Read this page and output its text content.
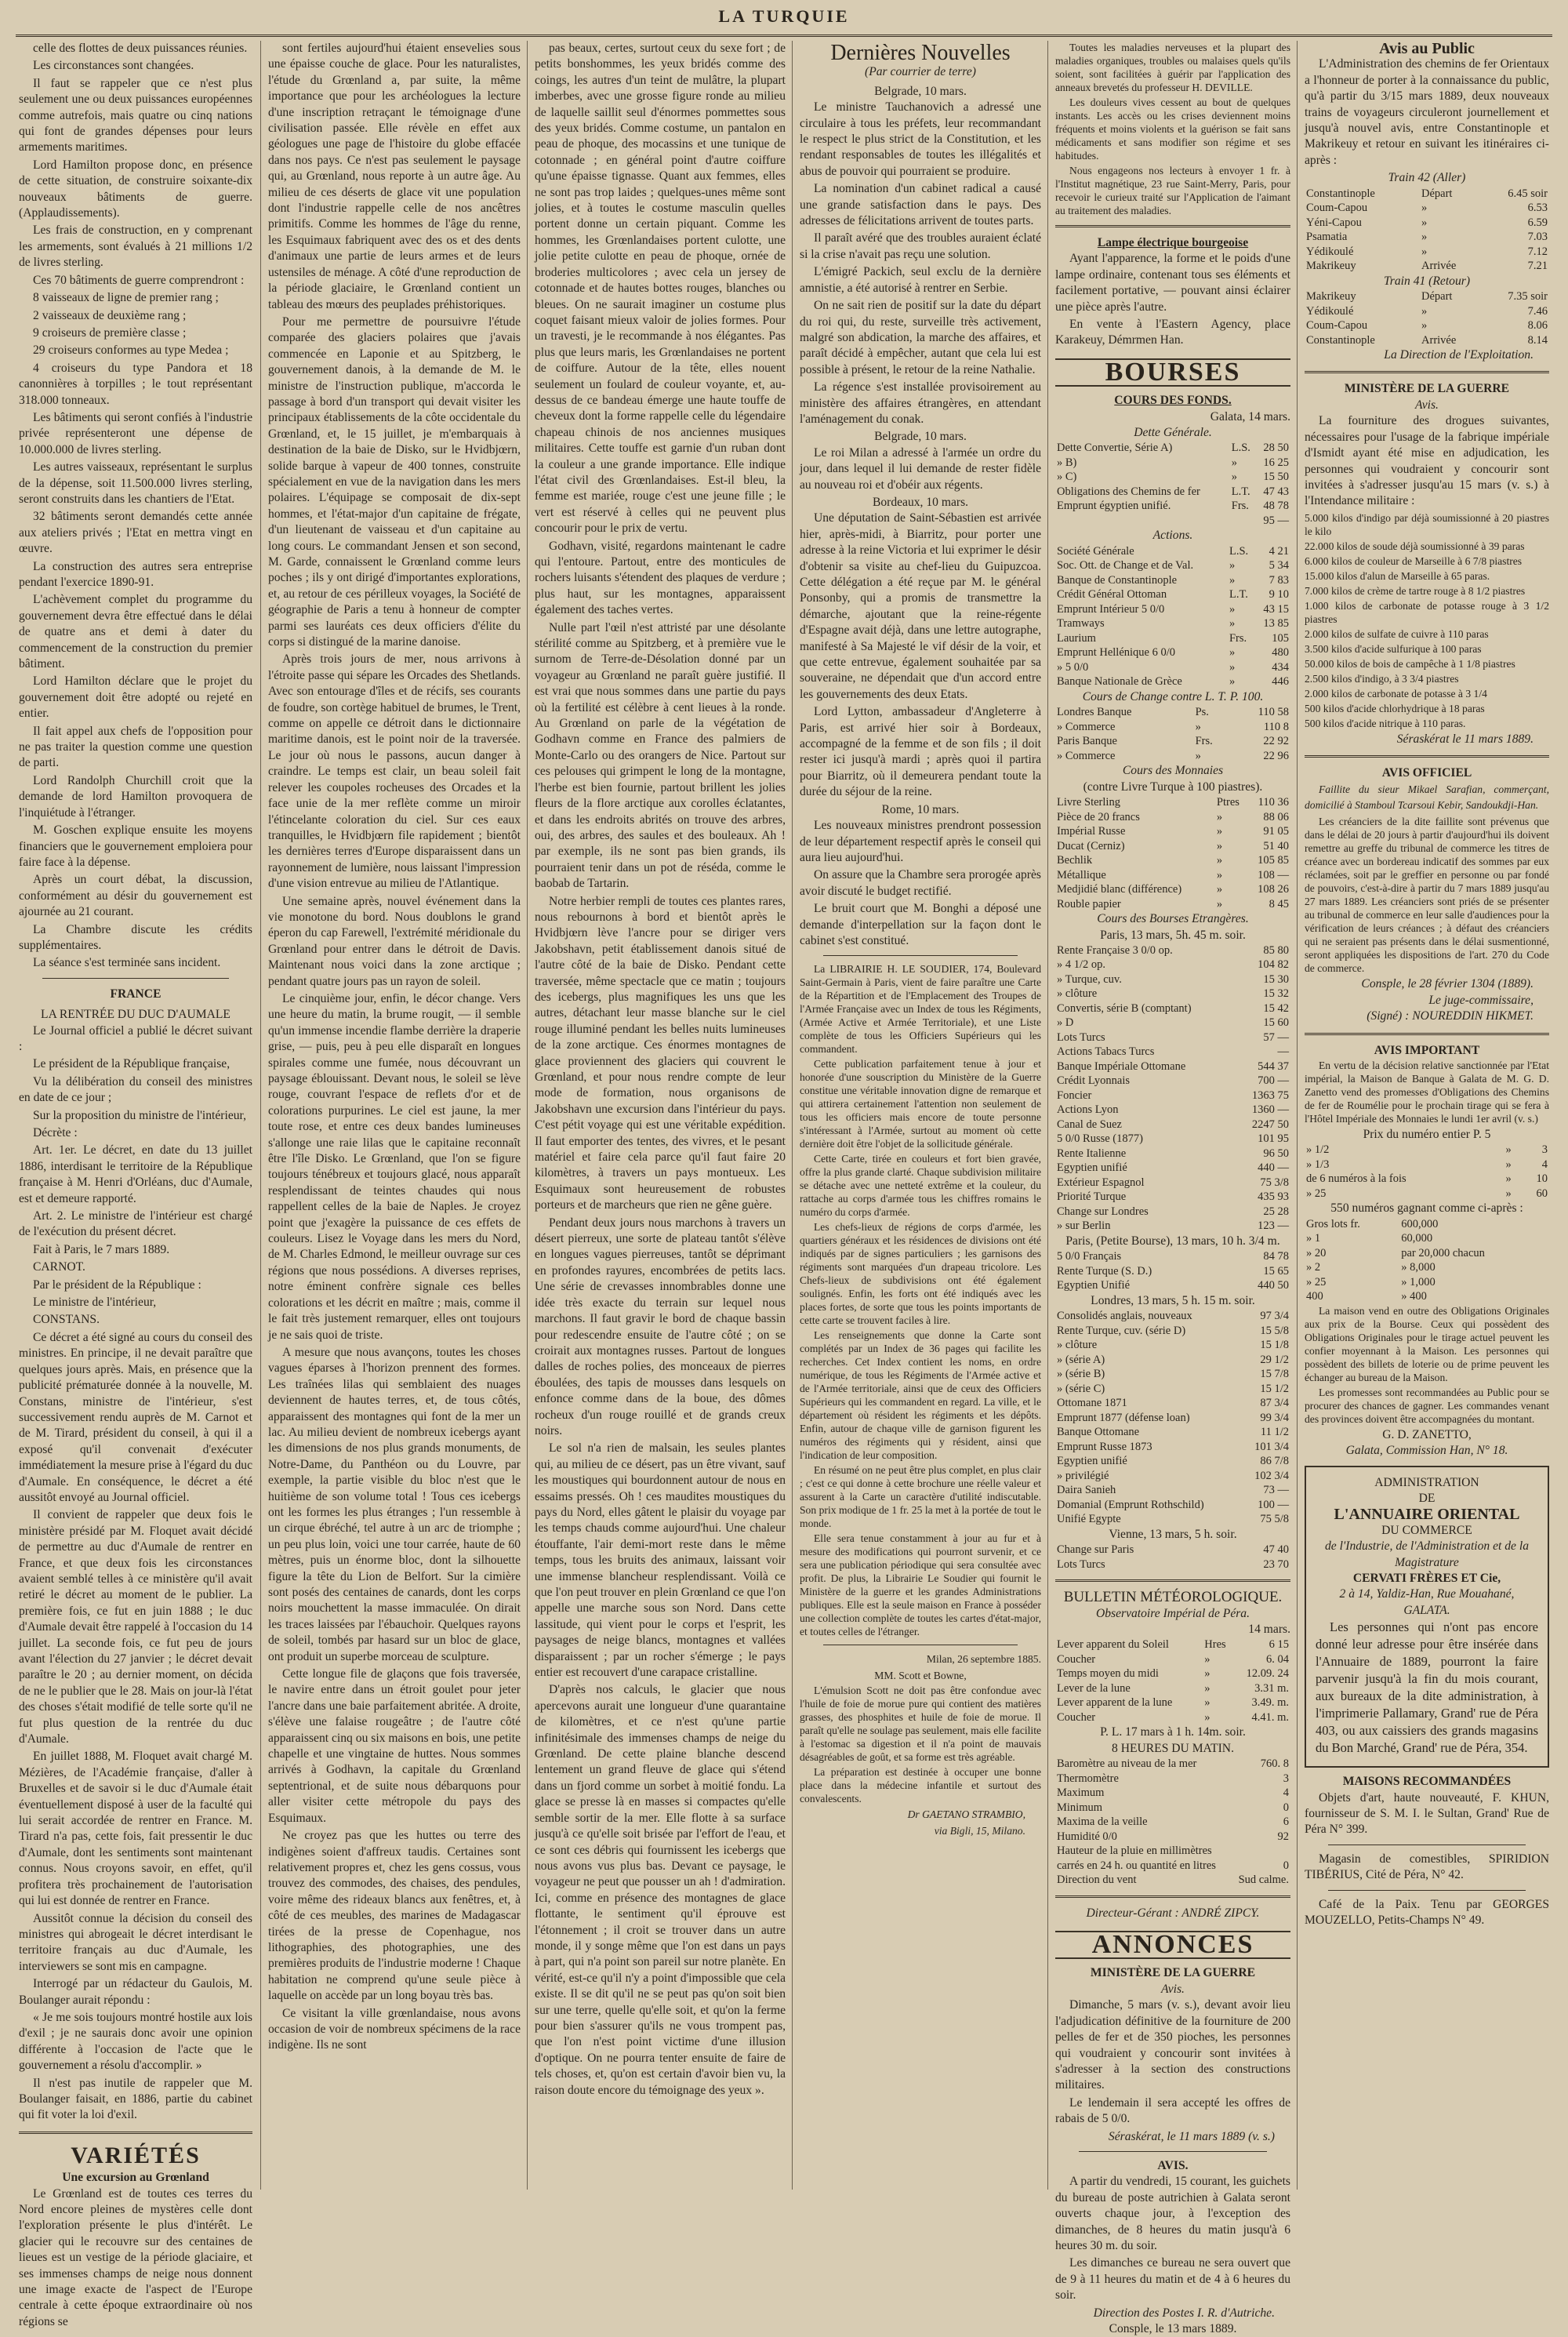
LA TURQUIE

celle des flottes de deux puissances réunies.

Les circonstances sont changées.

Il faut se rappeler que ce n'est plus seulement une ou deux puissances européennes comme autrefois, mais quatre ou cinq nations qui font de grandes dépenses pour leurs armements maritimes.

Lord Hamilton propose donc, en présence de cette situation, de construire soixante-dix nouveaux bâtiments de guerre. (Applaudissements).

Les frais de construction, en y comprenant les armements, sont évalués à 21 millions 1/2 de livres sterling.

Ces 70 bâtiments de guerre comprendront :

8 vaisseaux de ligne de premier rang ;

2 vaisseaux de deuxième rang ;

9 croiseurs de première classe ;

29 croiseurs conformes au type Medea ;

4 croiseurs du type Pandora et 18 canonnières à torpilles ; le tout représentant 318.000 tonneaux.

Les bâtiments qui seront confiés à l'industrie privée représenteront une dépense de 10.000.000 de livres sterling.

Les autres vaisseaux, représentant le surplus de la dépense, soit 11.500.000 livres sterling, seront construits dans les chantiers de l'Etat.

32 bâtiments seront demandés cette année aux ateliers privés ; l'Etat en mettra vingt en œuvre.

La construction des autres sera entreprise pendant l'exercice 1890-91.

L'achèvement complet du programme du gouvernement devra être effectué dans le délai de quatre ans et demi à dater du commencement de la construction du premier bâtiment.

Lord Hamilton déclare que le projet du gouvernement doit être adopté ou rejeté en entier.

Il fait appel aux chefs de l'opposition pour ne pas traiter la question comme une question de parti.

Lord Randolph Churchill croit que la demande de lord Hamilton provoquera de l'inquiétude à l'étranger.

M. Goschen explique ensuite les moyens financiers que le gouvernement emploiera pour faire face à la dépense.

Après un court débat, la discussion, conformément au désir du gouvernement est ajournée au 21 courant.

La Chambre discute les crédits supplémentaires.

La séance s'est terminée sans incident.

FRANCE
LA RENTRÉE DU DUC D'AUMALE

Le Journal officiel a publié le décret suivant :

Le président de la République française,

Vu la délibération du conseil des ministres en date de ce jour ;

Sur la proposition du ministre de l'intérieur,

Décrète :

Art. 1er. Le décret, en date du 13 juillet 1886, interdisant le territoire de la République française à M. Henri d'Orléans, duc d'Aumale, est et demeure rapporté.

Art. 2. Le ministre de l'intérieur est chargé de l'exécution du présent décret.

Fait à Paris, le 7 mars 1889.

CARNOT.

Par le président de la République :

Le ministre de l'intérieur,

CONSTANS.

Ce décret a été signé au cours du conseil des ministres. En principe, il ne devait paraître que quelques jours après. Mais, en présence que la publicité prématurée donnée à la nouvelle, M. Constans, ministre de l'intérieur, s'est successivement rendu auprès de M. Carnot et de M. Tirard, président du conseil, à qui il a exposé qu'il convenait d'exécuter immédiatement la mesure prise à l'égard du duc d'Aumale. En conséquence, le décret a été aussitôt envoyé au Journal officiel.

Il convient de rappeler que deux fois le ministère présidé par M. Floquet avait décidé de permettre au duc d'Aumale de rentrer en France, et que deux fois les circonstances avaient semblé telles à ce ministère qu'il avait retiré le décret au moment de le publier. La première fois, ce fut en juin 1888 ; le duc d'Aumale devait être rappelé à l'occasion du 14 juillet. La seconde fois, ce fut peu de jours avant l'élection du 27 janvier ; le décret devait paraître le 20 ; au dernier moment, on décida de ne le publier que le 28. Mais on jour-là l'état des choses s'était modifié de telle sorte qu'il ne fut plus question de la rentrée du duc d'Aumale.

En juillet 1888, M. Floquet avait chargé M. Mézières, de l'Académie française, d'aller à Bruxelles et de savoir si le duc d'Aumale était éventuellement disposé à user de la faculté qui lui serait accordée de rentrer en France. M. Tirard n'a pas, cette fois, fait pressentir le duc d'Aumale, dont les sentiments sont maintenant connus. Nous croyons savoir, en effet, qu'il profitera très prochainement de l'autorisation qui lui est donnée de rentrer en France.

Aussitôt connue la décision du conseil des ministres qui abrogeait le décret interdisant le territoire français au duc d'Aumale, les interviewers se sont mis en campagne.

Interrogé par un rédacteur du Gaulois, M. Boulanger aurait répondu :

« Je me sois toujours montré hostile aux lois d'exil ; je ne saurais donc avoir une opinion différente à l'occasion de l'acte que le gouvernement a résolu d'accomplir. »

Il n'est pas inutile de rappeler que M. Boulanger faisait, en 1886, partie du cabinet qui fit voter la loi d'exil.

VARIÉTÉS
Une excursion au Grœnland

Le Grœnland est de toutes ces terres du Nord encore pleines de mystères celle dont l'exploration présente le plus d'intérêt. Le glacier qui le recouvre sur des centaines de lieues est un vestige de la période glaciaire, et ses immenses champs de neige nous donnent une image exacte de l'aspect de l'Europe centrale à cette époque extraordinaire où nos régions se

sont fertiles aujourd'hui étaient ensevelies sous une épaisse couche de glace. Pour les naturalistes, l'étude du Grœnland a, par suite, la même importance que pour les archéologues la lecture d'une inscription retraçant le témoignage d'une civilisation passée. Elle révèle en effet aux géologues une page de l'histoire du globe effacée dans nos pays. Ce n'est pas seulement le paysage qui, au Grœnland, nous reporte à un autre âge. Au milieu de ces déserts de glace vit une population dont l'industrie rappelle celle de nos ancêtres primitifs. Comme les hommes de l'âge du renne, les Esquimaux fabriquent avec des os et des dents d'animaux une partie de leurs armes et de leurs ustensiles de ménage. A côté d'une reproduction de la période glaciaire, le Grœnland contient un tableau des mœurs des peuplades préhistoriques.

Pour me permettre de poursuivre l'étude comparée des glaciers polaires que j'avais commencée en Laponie et au Spitzberg, le gouvernement danois, à la demande de M. le ministre de l'instruction publique, m'accorda le passage à bord d'un transport qui devait visiter les principaux établissements de la côte occidentale du Grœnland, et, le 15 juillet, je m'embarquais à destination de la baie de Disko, sur le Hvidbjœrn, solide barque à vapeur de 400 tonnes, construite spécialement en vue de la navigation dans les mers polaires. L'équipage se composait de dix-sept hommes, et l'état-major d'un capitaine de frégate, d'un lieutenant de vaisseau et d'un capitaine au long cours. Le commandant Jensen et son second, M. Garde, connaissent le Grœnland comme leurs poches ; ils y ont dirigé d'importantes explorations, et, au retour de ces périlleux voyages, la Société de géographie de Paris a tenu à honneur de compter parmi ses lauréats ces deux officiers d'élite du corps si distingué de la marine danoise.

Après trois jours de mer, nous arrivons à l'étroite passe qui sépare les Orcades des Shetlands. Avec son entourage d'îles et de récifs, ses courants de foudre, son cortège habituel de brumes, le Trent, comme on appelle ce détroit dans le dictionnaire maritime danois, est le point noir de la traversée. Le jour où nous le passons, aucun danger à craindre. Le temps est clair, un beau soleil fait relever les coupoles rocheuses des Orcades et la face unie de la mer reflète comme un miroir l'étincelante coloration du ciel. Sur ces eaux tranquilles, le Hvidbjœrn file rapidement ; bientôt les dernières terres d'Europe disparaissent dans un rayonnement de lumière, nous laissant l'impression d'une vision entrevue au milieu de l'Atlantique.

Une semaine après, nouvel événement dans la vie monotone du bord. Nous doublons le grand éperon du cap Farewell, l'extrémité méridionale du Grœnland pour entrer dans le détroit de Davis. Maintenant nous voici dans la zone arctique ; pendant quatre jours pas un rayon de soleil.

Le cinquième jour, enfin, le décor change. Vers une heure du matin, la brume rougit, — il semble qu'un immense incendie flambe derrière la draperie grise, — puis, peu à peu elle disparaît en longues spirales comme une fumée, nous découvrant un paysage éblouissant. Devant nous, le soleil se lève rouge, couvrant l'espace de reflets d'or et de colorations purpurines. Le ciel est jaune, la mer toute rose, et entre ces deux bandes lumineuses s'allonge une raie lilas que le capitaine reconnaît être l'île Disko. Le Grœnland, que l'on se figure toujours ténébreux et toujours glacé, nous apparaît resplendissant de teintes chaudes qui nous rappellent celles de la baie de Naples. Je croyez point que j'exagère la puissance de ces effets de couleurs. Lisez le Voyage dans les mers du Nord, de M. Charles Edmond, le meilleur ouvrage sur ces régions que nous possédions. A diverses reprises, notre éminent confrère signale ces belles colorations et les décrit en maître ; mais, comme il le fait très justement remarquer, elles ont toujours je ne sais quoi de triste.

A mesure que nous avançons, toutes les choses vagues éparses à l'horizon prennent des formes. Les traînées lilas qui semblaient des nuages deviennent de hautes terres, et, de tous côtés, apparaissent des montagnes qui font de la mer un lac. Au milieu devient de nombreux icebergs ayant les dimensions de nos plus grands monuments, de Notre-Dame, du Panthéon ou du Louvre, par exemple, la partie visible du bloc n'est que le huitième de son volume total ! Tous ces icebergs ont les formes les plus étranges ; l'un ressemble à un cirque ébréché, tel autre à un arc de triomphe ; un peu plus loin, voici une tour carrée, haute de 60 mètres, puis un énorme bloc, dont la silhouette figure la tête du Lion de Belfort. Sur la cimière sont posés des centaines de canards, dont les corps noirs mouchettent la masse immaculée. On dirait les traces laissées par l'ébauchoir. Quelques rayons de soleil, tombés par hasard sur un bloc de glace, ont produit un superbe morceau de sculpture.

Cette longue file de glaçons que fois traversée, le navire entre dans un étroit goulet pour jeter l'ancre dans une baie parfaitement abritée. A droite, s'élève une falaise rougeâtre ; de l'autre côté apparaissent cinq ou six maisons en bois, une petite chapelle et une vingtaine de huttes. Nous sommes arrivés à Godhavn, la capitale du Grœnland septentrional, et de suite nous débarquons pour aller visiter cette métropole du pays des Esquimaux.

Ne croyez pas que les huttes ou terre des indigènes soient d'affreux taudis. Certaines sont relativement propres et, chez les gens cossus, vous trouvez des commodes, des chaises, des pendules, voire même des rideaux blancs aux fenêtres, et, à côté de ces meubles, des marines de Madagascar tirées de la presse de Copenhague, nos lithographies, des photographies, une des premières produits de l'industrie moderne ! Chaque habitation ne comprend qu'une seule pièce à laquelle on accède par un long boyau très bas.

Ce visitant la ville grœnlandaise, nous avons occasion de voir de nombreux spécimens de la race indigène. Ils ne sont

pas beaux, certes, surtout ceux du sexe fort ; de petits bonshommes, les yeux bridés comme des coings, les autres d'un teint de mulâtre, la plupart imberbes, avec une grosse figure ronde au milieu de laquelle saillit seul d'énormes pommettes sous des yeux bridés. Comme costume, un pantalon en peau de phoque, des mocassins et une tunique de cotonnade ; en général point d'autre coiffure qu'une épaisse tignasse. Quant aux femmes, elles ne sont pas trop laides ; quelques-unes même sont jolies, et à toutes le costume masculin quelles portent donne un certain piquant. Comme les hommes, les Grœnlandaises portent culotte, une jolie petite culotte en peau de phoque, ornée de broderies multicolores ; avec cela un jersey de cotonnade et de hautes bottes rouges, blanches ou bleues. On ne saurait imaginer un costume plus coquet faisant mieux valoir de jolies formes. Pour un travesti, je le recommande à nos élégantes. Pas plus que leurs maris, les Grœnlandaises ne portent de coiffure. Autour de la tête, elles nouent seulement un foulard de couleur voyante, et, au-dessus de ce bandeau émerge une haute touffe de cheveux dont la forme rappelle celle du légendaire chapeau chinois de nos anciennes musiques militaires. Cette touffe est garnie d'un ruban dont la couleur a une grande importance. Elle indique l'état civil des Grœnlandaises. Est-il bleu, la femme est mariée, rouge c'est une jeune fille ; le vert est réservé à celles qui ne peuvent plus concourir pour le prix de vertu.

Godhavn, visité, regardons maintenant le cadre qui l'entoure. Partout, entre des monticules de rochers luisants s'étendent des plaques de verdure ; plus haut, sur les montagnes, apparaissent également des taches vertes.

Nulle part l'œil n'est attristé par une désolante stérilité comme au Spitzberg, et à première vue le surnom de Terre-de-Désolation donné par un voyageur au Grœnland ne paraît guère justifié. Il est vrai que nous sommes dans une partie du pays où la fertilité est célèbre à cent lieues à la ronde. Au Grœnland on parle de la végétation de Godhavn comme en France des palmiers de Monte-Carlo ou des orangers de Nice. Partout sur ces pelouses qui grimpent le long de la montagne, l'herbe est bien fournie, partout brillent les jolies fleurs de la flore arctique aux corolles éclatantes, et dans les endroits abrités on trouve des arbres, oui, des arbres, des saules et des bouleaux. Ah ! par exemple, ils ne sont pas bien grands, ils pourraient tenir dans un pot de réséda, comme le baobab de Tartarin.

Notre herbier rempli de toutes ces plantes rares, nous rebournons à bord et bientôt après le Hvidbjœrn lève l'ancre pour se diriger vers Jakobshavn, petit établissement danois situé de l'autre côté de la baie de Disko. Pendant cette traversée, même spectacle que ce matin ; toujours des icebergs, plus magnifiques les uns que les autres, détachant leur masse blanche sur le ciel rouge illuminé pendant les belles nuits lumineuses de la zone arctique. Ces énormes montagnes de glace proviennent des glaciers qui couvrent le Grœnland, et pour nous rendre compte de leur mode de formation, nous organisons de Jakobshavn une excursion dans l'intérieur du pays. C'est pétit voyage qui est une véritable expédition. Il faut emporter des tentes, des vivres, et le pesant matériel et faire cela parce qu'il faut faire 20 kilomètres, à travers un pays montueux. Les Esquimaux sont heureusement de robustes porteurs et de marcheurs que rien ne gêne guère.

Pendant deux jours nous marchons à travers un désert pierreux, une sorte de plateau tantôt s'élève en longues vagues pierreuses, tantôt se déprimant en profondes rayures, encombrées de petits lacs. Une série de crevasses innombrables donne une idée très exacte du terrain sur lequel nous marchons. Il faut gravir le bord de chaque bassin pour redescendre ensuite de l'autre côté ; on se croirait aux montagnes russes. Partout de longues dalles de roches polies, des monceaux de pierres éboulées, des tapis de mousses dans lesquels on enfonce comme dans de la boue, des dômes rocheux d'un rouge rouillé et de grands creux noirs.

Le sol n'a rien de malsain, les seules plantes qui, au milieu de ce désert, pas un être vivant, sauf les moustiques qui bourdonnent autour de nous en essaims pressés. Oh ! ces maudites moustiques du pays du Nord, elles gâtent le plaisir du voyage par les temps chauds comme aujourd'hui. Une chaleur étouffante, l'air demi-mort reste dans le même temps, tous les bruits des animaux, laissant voir une immense blancheur resplendissant. Voilà ce que l'on peut trouver en plein Grœnland ce que l'on appelle une marche sous son Nord. Dans cette lassitude, qui vient pour le corps et l'esprit, les paysages de neige blancs, montagnes et vallées disparaissent ; par un rocher s'émerge ; le pays entier est recouvert d'une carapace cristalline.

D'après nos calculs, le glacier que nous apercevons aurait une longueur d'une quarantaine de kilomètres, et ce n'est qu'une partie infinitésimale des immenses champs de neige du Grœnland. De cette plaine blanche descend lentement un grand fleuve de glace qui s'étend dans un fjord comme un sorbet à moitié fondu. La glace se presse là en masses si compactes qu'elle semble sortir de la mer. Elle flotte à sa surface jusqu'à ce qu'elle soit brisée par l'effort de l'eau, et ce sont ces débris qui fournissent les icebergs que nous avons vus plus bas. Devant ce paysage, le voyageur ne peut que pousser un ah ! d'admiration. Ici, comme en présence des montagnes de glace flottante, le sentiment qu'il éprouve est l'étonnement ; il croit se trouver dans un autre monde, il y songe même que l'on est dans un pays à part, qui n'a point son pareil sur notre planète. En vérité, est-ce qu'il n'y a point d'impossible que cela existe. Il se dit qu'il ne se peut pas qu'on soit bien sur une terre, quelle qu'elle soit, et qu'on la ferme pour bien s'assurer qu'ils ne vous trompent pas, que l'on n'est point victime d'une illusion d'optique. On ne pourra tenter ensuite de faire de tels choses, et, qu'on est certain d'avoir bien vu, la raison doute encore du témoignage des yeux ».

Dernières Nouvelles
(Par courrier de terre)
Belgrade, 10 mars.

Le ministre Tauchanovich a adressé une circulaire à tous les préfets, leur recommandant le respect le plus strict de la Constitution, et les rendant responsables de toutes les illégalités et abus de pouvoir qui pourraient se produire.

La nomination d'un cabinet radical a causé une grande satisfaction dans le pays. Des adresses de félicitations arrivent de toutes parts.

Il paraît avéré que des troubles auraient éclaté si la crise n'avait pas reçu une solution.

L'émigré Packich, seul exclu de la dernière amnistie, a été autorisé à rentrer en Serbie.

On ne sait rien de positif sur la date du départ du roi qui, du reste, surveille très activement, malgré son abdication, la marche des affaires, et paraît décidé à empêcher, autant que cela lui est possible à présent, le retour de la reine Nathalie.

La régence s'est installée provisoirement au ministère des affaires étrangères, en attendant l'aménagement du conak.

Belgrade, 10 mars.

Le roi Milan a adressé à l'armée un ordre du jour, dans lequel il lui demande de rester fidèle au nouveau roi et d'obéir aux régents.

Bordeaux, 10 mars.

Une députation de Saint-Sébastien est arrivée hier, après-midi, à Biarritz, pour porter une adresse à la reine Victoria et lui exprimer le désir d'obtenir sa visite au chef-lieu du Guipuzcoa. Cette délégation a été reçue par M. le général Ponsonby, qui a promis de transmettre la démarche, ajoutant que la reine-régente d'Espagne avait déjà, dans une lettre autographe, manifesté à Sa Majesté le vif désir de la voir, et que cette entrevue, également souhaitée par sa souveraine, ne dépendait que d'un accord entre les gouvernements des deux Etats.

Lord Lytton, ambassadeur d'Angleterre à Paris, est arrivé hier soir à Bordeaux, accompagné de la femme et de son fils ; il doit rester ici jusqu'à mardi ; après quoi il partira pour Biarritz, où il demeurera pendant toute la durée du séjour de la reine.

Rome, 10 mars.

Les nouveaux ministres prendront possession de leur département respectif après le conseil qui aura lieu aujourd'hui.

On assure que la Chambre sera prorogée après avoir discuté le budget rectifié.

Le bruit court que M. Bonghi a déposé une demande d'interpellation sur la façon dont le cabinet s'est constitué.

La LIBRAIRIE H. LE SOUDIER, 174, Boulevard Saint-Germain à Paris, vient de faire paraître une Carte de la Répartition et de l'Emplacement des Troupes de l'Armée Française avec un Index de tous les Régiments, (Armée Active et Armée Territoriale), et une Liste complète de tous les Officiers Supérieurs qui les commandent.

Cette publication parfaitement tenue à jour et honorée d'une souscription du Ministère de la Guerre constitue une véritable innovation digne de remarque et qui attirera certainement l'attention non seulement de tous les officiers mais encore de toute personne s'intéressant à l'Armée, surtout au moment où cette dernière doit être l'objet de la sollicitude générale.

Cette Carte, tirée en couleurs et fort bien gravée, offre la plus grande clarté. Chaque subdivision militaire se détache avec une netteté extrême et la couleur, du rattache au corps d'armée tous les chiffres romains le numéro du corps d'armée.

Les chefs-lieux de régions de corps d'armée, les quartiers généraux et les résidences de divisions ont été indiqués par de signes particuliers ; les garnisons des régiments sont marquées d'un drapeau tricolore. Les Chefs-lieux de subdivisions ont été également soulignés. Enfin, les forts ont été indiqués avec les places fortes, de sorte que tous les points importants de cette carte se trouvent faciles à lire.

Les renseignements que donne la Carte sont complétés par un Index de 36 pages qui facilite les recherches. Cet Index contient les noms, en ordre numérique, de tous les Régiments de l'Armée active et de l'Armée territoriale, ainsi que de ceux des Officiers Supérieurs qui les commandent en regard. La ville, et le département où résident les régiments et les dépôts. Enfin, autour de chaque ville de garnison figurent les numéros des régiments qui y résident, ainsi que l'indication de leur composition.

En résumé on ne peut être plus complet, en plus clair ; c'est ce qui donne à cette brochure une réelle valeur et assurent à la Carte un caractère d'utilité indiscutable. Son prix modique de 1 fr. 25 la met à la portée de tout le monde.

Elle sera tenue constamment à jour au fur et à mesure des modifications qui pourront survenir, et ce sera une publication périodique qui sera consultée avec profit. De plus, la Librairie Le Soudier qui fournit le Ministère de la guerre et les grandes Administrations publiques. Elle est la seule maison en France à posséder une collection complète de toutes les cartes d'état-major, et toutes celles de l'étranger.

Milan, 26 septembre 1885.
MM. Scott et Bowne,

L'émulsion Scott ne doit pas être confondue avec l'huile de foie de morue pure qui contient des matières grasses, des phosphites et huile de foie de morue. Il paraît qu'elle ne soulage pas seulement, mais elle facilite à l'estomac sa digestion et il n'a point de mauvais désagréables de goût, et sa forme est très agréable.

La préparation est destinée à occuper une bonne place dans la médecine infantile et surtout des convalescents.

Dr GAETANO STRAMBIO,
via Bigli, 15, Milano.

Toutes les maladies nerveuses et la plupart des maladies organiques, troubles ou malaises quels qu'ils soient, sont facilitées à guérir par l'application des anneaux brevetés du professeur H. DEVILLE.

Les douleurs vives cessent au bout de quelques instants. Les accès ou les crises deviennent moins fréquents et moins violents et la guérison se fait sans médicaments et sans modifier son régime et ses habitudes.

Nous engageons nos lecteurs à envoyer 1 fr. à l'Institut magnétique, 23 rue Saint-Merry, Paris, pour recevoir le curieux traité sur l'Application de l'aimant au traitement des maladies.

Lampe électrique bourgeoise

Ayant l'apparence, la forme et le poids d'une lampe ordinaire, contenant tous ses éléments et facilement portative, — pouvant ainsi éclairer une pièce après l'autre.

En vente à l'Eastern Agency, place Karakeuy, Démrmen Han.

BOURSES
COURS DES FONDS.
Galata, 14 mars.
Dette Générale.
Dette Convertie, Série A)	L.S.	28 50
» B)	»	16 25
» C)	»	15 50
Obligations des Chemins de fer	L.T.	47 43
Emprunt égyptien unifié.	Frs.	48 78
		95 —
Actions.
Société Générale	L.S.	4 21
Soc. Ott. de Change et de Val.	»	5 34
Banque de Constantinople	»	7 83
Crédit Général Ottoman	L.T.	9 10
Emprunt Intérieur 5 0/0	»	43 15
Tramways	»	13 85
Laurium	Frs.	105
Emprunt Hellénique 6 0/0	»	480
» 5 0/0	»	434
Banque Nationale de Grèce	»	446
Cours de Change contre L. T. P. 100.
Londres Banque	Ps.	110 58
» Commerce	»	110 8
Paris Banque	Frs.	22 92
» Commerce	»	22 96
Cours des Monnaies
(contre Livre Turque à 100 piastres).
Livre Sterling	Ptres	110 36
Pièce de 20 francs	»	88 06
Impérial Russe	»	91 05
Ducat (Cerniz)	»	51 40
Bechlik	»	105 85
Métallique	»	108 —
Medjidié blanc (différence)	»	108 26
Rouble papier	»	8 45
Cours des Bourses Etrangères.
Paris, 13 mars, 5h. 45 m. soir.
Rente Française 3 0/0 op.		85 80
» 4 1/2 op.		104 82
» Turque, cuv.		15 30
» clôture		15 32
Convertis, série B (comptant)		15 42
» D		15 60
Lots Turcs		57 —
Actions Tabacs Turcs		—
Banque Impériale Ottomane		544 37
Crédit Lyonnais		700 —
Foncier		1363 75
Actions Lyon		1360 —
Canal de Suez		2247 50
5 0/0 Russe (1877)		101 95
Rente Italienne		96 50
Egyptien unifié		440 —
Extérieur Espagnol		75 3/8
Priorité Turque		435 93
Change sur Londres		25 28
» sur Berlin		123 —
Paris, (Petite Bourse), 13 mars, 10 h. 3/4 m.
5 0/0 Français		84 78
Rente Turque (S. D.)		15 65
Egyptien Unifié		440 50
Londres, 13 mars, 5 h. 15 m. soir.
Consolidés anglais, nouveaux		97 3/4
Rente Turque, cuv. (série D)		15 5/8
» clôture		15 1/8
» (série A)		29 1/2
» (série B)		15 7/8
» (série C)		15 1/2
Ottomane 1871		87 3/4
Emprunt 1877 (défense loan)		99 3/4
Banque Ottomane		11 1/2
Emprunt Russe 1873		101 3/4
Egyptien unifié		86 7/8
» privilégié		102 3/4
Daira Sanieh		73 —
Domanial (Emprunt Rothschild)		100 —
Unifié Egypte		75 5/8
Vienne, 13 mars, 5 h. soir.
Change sur Paris		47 40
Lots Turcs		23 70
BULLETIN MÉTÉOROLOGIQUE.
Observatoire Impérial de Péra.
14 mars.
Lever apparent du Soleil	Hres	6 15
Coucher	»	6. 04
Temps moyen du midi	»	12.09. 24
Lever de la lune	»	3.31 m.
Lever apparent de la lune	»	3.49. m.
Coucher	»	4.41. m.
P. L. 17 mars à 1 h. 14m. soir.
8 HEURES DU MATIN.
Baromètre au niveau de la mer		760. 8
Thermomètre		3
Maximum		4
Minimum		0
Maxima de la veille		6
Humidité 0/0		92
Hauteur de la pluie en millimètres		
carrés en 24 h. ou quantité en litres		0
Direction du vent		Sud calme.
Directeur-Gérant : ANDRÉ ZIPCY.
ANNONCES
MINISTÈRE DE LA GUERRE
Avis.

Dimanche, 5 mars (v. s.), devant avoir lieu l'adjudication définitive de la fourniture de 200 pelles de fer et de 350 pioches, les personnes qui voudraient y concourir sont invitées à s'adresser à la section des constructions militaires.

Le lendemain il sera accepté les offres de rabais de 5 0/0.

Séraskérat, le 11 mars 1889 (v. s.)
AVIS.

A partir du vendredi, 15 courant, les guichets du bureau de poste autrichien à Galata seront ouverts chaque jour, à l'exception des dimanches, de 8 heures du matin jusqu'à 6 heures 30 m. du soir.

Les dimanches ce bureau ne sera ouvert que de 9 à 11 heures du matin et de 4 à 6 heures du soir.

Direction des Postes I. R. d'Autriche.
Consple, le 13 mars 1889.
Avis au Public

L'Administration des chemins de fer Orientaux a l'honneur de porter à la connaissance du public, qu'à partir du 3/15 mars 1889, deux nouveaux trains de voyageurs circuleront journellement et jusqu'à nouvel avis, entre Constantinople et Makrikeuy et retour en suivant les itinéraires ci-après :

Train 42 (Aller)
Constantinople	Départ	6.45 soir
Coum-Capou	»	6.53
Yéni-Capou	»	6.59
Psamatia	»	7.03
Yédikoulé	»	7.12
Makrikeuy	Arrivée	7.21
Train 41 (Retour)
Makrikeuy	Départ	7.35 soir
Yédikoulé	»	7.46
Coum-Capou	»	8.06
Constantinople	Arrivée	8.14
La Direction de l'Exploitation.
MINISTÈRE DE LA GUERRE
Avis.

La fourniture des drogues suivantes, nécessaires pour l'usage de la fabrique impériale d'Ismidt ayant été mise en adjudication, les personnes qui voudraient y concourir sont invitées à s'adresser jusqu'au 15 mars (v. s.) à l'Intendance militaire :

5.000 kilos d'indigo par déjà soumissionné à 20 piastres le kilo

22.000 kilos de soude déjà soumissionné à 39 paras

6.000 kilos de couleur de Marseille à 6 7/8 piastres

15.000 kilos d'alun de Marseille à 65 paras.

7.000 kilos de crème de tartre rouge à 8 1/2 piastres

1.000 kilos de carbonate de potasse rouge à 3 1/2 piastres

2.000 kilos de sulfate de cuivre à 110 paras

3.500 kilos d'acide sulfurique à 100 paras

50.000 kilos de bois de campêche à 1 1/8 piastres

2.500 kilos d'indigo, à 3 3/4 piastres

2.000 kilos de carbonate de potasse à 3 1/4

500 kilos d'acide chlorhydrique à 18 paras

500 kilos d'acide nitrique à 110 paras.

Séraskérat le 11 mars 1889.
AVIS OFFICIEL

Faillite du sieur Mikael Sarafian, commerçant, domicilié à Stamboul Tcarsoui Kebir, Sandoukdji-Han.

Les créanciers de la dite faillite sont prévenus que dans le délai de 20 jours à partir d'aujourd'hui ils doivent remettre au greffe du tribunal de commerce les titres de créance avec un bordereau indicatif des sommes par eux réclamées, soit par le greffier en personne ou par fondé de pouvoirs, c'est-à-dire à partir du 7 mars 1889 jusqu'au 27 mars 1889. Les créanciers sont priés de se présenter au tribunal de commerce en leur salle d'audiences pour la vérification de leurs créances ; à défaut des créanciers qui ne seraient pas présents dans le délai susmentionné, seront appliquées les dispositions de l'art. 270 du Code de commerce.

Consple, le 28 février 1304 (1889).
Le juge-commissaire,
(Signé) : NOUREDDIN HIKMET.
AVIS IMPORTANT

En vertu de la décision relative sanctionnée par l'Etat impérial, la Maison de Banque à Galata de M. G. D. Zanetto vend des promesses d'Obligations des Chemins de fer de Roumélie pour le prochain tirage qui se fera à l'Hôtel Impériale des Monnaies le lundi 1er avril (v. s.)

Prix du numéro entier P. 5
» 1/2	»	3
» 1/3	»	4
de 6 numéros à la fois	»	10
» 25	»	60
550 numéros gagnant comme ci-après :
Gros lots fr.	600,000	
» 1	60,000	
» 20	par 20,000 chacun	
» 2	» 8,000	
» 25	» 1,000	
400	» 400	

La maison vend en outre des Obligations Originales aux prix de la Bourse. Ceux qui possèdent des Obligations Originales pour le tirage actuel peuvent les confier moyennant à la Maison. Les personnes qui possèdent des billets de loterie ou de prime peuvent les échanger au bureau de la Maison.

Les promesses sont recommandées au Public pour se procurer des chances de gagner. Les commandes venant des provinces doivent être accompagnées du montant.

G. D. ZANETTO,
Galata, Commission Han, N° 18.
ADMINISTRATION
DE
L'ANNUAIRE ORIENTAL
DU COMMERCE
de l'Industrie, de l'Administration et de la Magistrature
CERVATI FRÈRES ET Cie,
2 à 14, Yaldiz-Han, Rue Mouahané, GALATA.

Les personnes qui n'ont pas encore donné leur adresse pour être insérée dans l'Annuaire de 1889, pourront la faire parvenir jusqu'à la fin du mois courant, aux bureaux de la dite administration, à l'imprimerie Pallamary, Grand' rue de Péra 403, ou aux caissiers des grands magasins du Bon Marché, Grand' rue de Péra, 354.

MAISONS RECOMMANDÉES

Objets d'art, haute nouveauté, F. KHUN, fournisseur de S. M. I. le Sultan, Grand' Rue de Péra N° 399.

Magasin de comestibles, SPIRIDION TIBÉRIUS, Cité de Péra, N° 42.

Café de la Paix. Tenu par GEORGES MOUZELLO, Petits-Champs N° 49.
